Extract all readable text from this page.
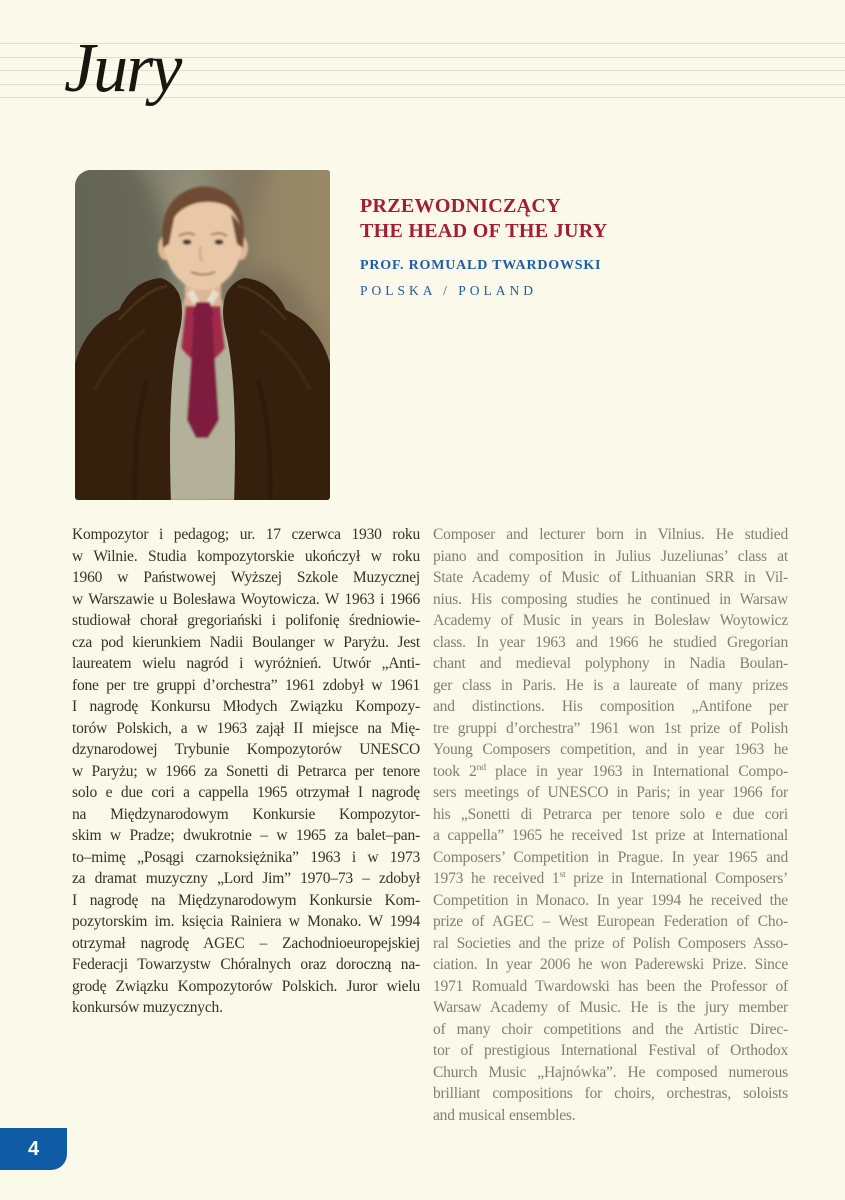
Jury
PRZEWODNICZĄCY
THE HEAD OF THE JURY
PROF. ROMUALD TWARDOWSKI
POLSKA / POLAND
Kompozytor i pedagog; ur. 17 czerwca 1930 roku
w Wilnie. Studia kompozytorskie ukończył w roku
1960 w Państwowej Wyższej Szkole Muzycznej
w Warszawie u Bolesława Woytowicza. W 1963 i 1966
studiował chorał gregoriański i polifonię średniowie-
cza pod kierunkiem Nadii Boulanger w Paryżu. Jest
laureatem wielu nagród i wyróżnień. Utwór „Anti-
fone per tre gruppi d’orchestra” 1961 zdobył w 1961
I nagrodę Konkursu Młodych Związku Kompozy-
torów Polskich, a w 1963 zajął II miejsce na Mię-
dzynarodowej Trybunie Kompozytorów UNESCO
w Paryżu; w 1966 za Sonetti di Petrarca per tenore
solo e due cori a cappella 1965 otrzymał I nagrodę
na Międzynarodowym Konkursie Kompozytor-
skim w Pradze; dwukrotnie – w 1965 za balet–pan-
to–mimę „Posągi czarnoksiężnika” 1963 i w 1973
za dramat muzyczny „Lord Jim” 1970–73 – zdobył
I nagrodę na Międzynarodowym Konkursie Kom-
pozytorskim im. księcia Rainiera w Monako. W 1994
otrzymał nagrodę AGEC – Zachodnioeuropejskiej
Federacji Towarzystw Chóralnych oraz doroczną na-
grodę Związku Kompozytorów Polskich. Juror wielu
konkursów muzycznych.
Composer and lecturer born in Vilnius. He studied
piano and composition in Julius Juzeliunas’ class at
State Academy of Music of Lithuanian SRR in Vil-
nius. His composing studies he continued in Warsaw
Academy of Music in years in Bolesław Woytowicz
class. In year 1963 and 1966 he studied Gregorian
chant and medieval polyphony in Nadia Boulan-
ger class in Paris. He is a laureate of many prizes
and distinctions. His composition „Antifone per
tre gruppi d’orchestra” 1961 won 1st prize of Polish
Young Composers competition, and in year 1963 he
took 2nd place in year 1963 in International Compo-
sers meetings of UNESCO in Paris; in year 1966 for
his „Sonetti di Petrarca per tenore solo e due cori
a cappella” 1965 he received 1st prize at International
Composers’ Competition in Prague. In year 1965 and
1973 he received 1st prize in International Composers’
Competition in Monaco. In year 1994 he received the
prize of AGEC – West European Federation of Cho-
ral Societies and the prize of Polish Composers Asso-
ciation. In year 2006 he won Paderewski Prize. Since
1971 Romuald Twardowski has been the Professor of
Warsaw Academy of Music. He is the jury member
of many choir competitions and the Artistic Direc-
tor of prestigious International Festival of Orthodox
Church Music „Hajnówka”. He composed numerous
brilliant compositions for choirs, orchestras, soloists
and musical ensembles.
4
